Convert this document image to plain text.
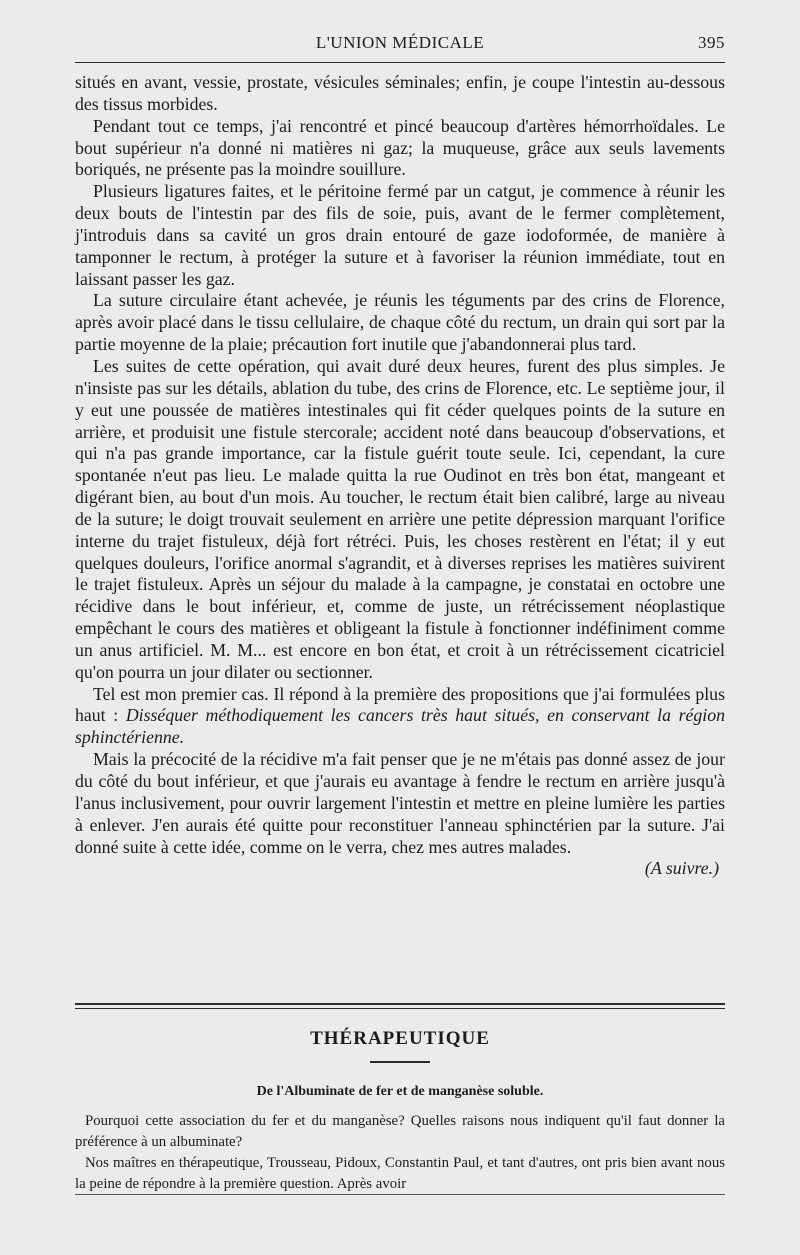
L'UNION MÉDICALE	395

situés en avant, vessie, prostate, vésicules séminales; enfin, je coupe l'intestin au-dessous des tissus morbides.

Pendant tout ce temps, j'ai rencontré et pincé beaucoup d'artères hémorrhoïdales. Le bout supérieur n'a donné ni matières ni gaz; la muqueuse, grâce aux seuls lavements boriqués, ne présente pas la moindre souillure.

Plusieurs ligatures faites, et le péritoine fermé par un catgut, je commence à réunir les deux bouts de l'intestin par des fils de soie, puis, avant de le fermer complètement, j'introduis dans sa cavité un gros drain entouré de gaze iodoformée, de manière à tamponner le rectum, à protéger la suture et à favoriser la réunion immédiate, tout en laissant passer les gaz.

La suture circulaire étant achevée, je réunis les téguments par des crins de Florence, après avoir placé dans le tissu cellulaire, de chaque côté du rectum, un drain qui sort par la partie moyenne de la plaie; précaution fort inutile que j'abandonnerai plus tard.

Les suites de cette opération, qui avait duré deux heures, furent des plus simples. Je n'insiste pas sur les détails, ablation du tube, des crins de Florence, etc. Le septième jour, il y eut une poussée de matières intestinales qui fit céder quelques points de la suture en arrière, et produisit une fistule stercorale; accident noté dans beaucoup d'observations, et qui n'a pas grande importance, car la fistule guérit toute seule. Ici, cependant, la cure spontanée n'eut pas lieu. Le malade quitta la rue Oudinot en très bon état, mangeant et digérant bien, au bout d'un mois. Au toucher, le rectum était bien calibré, large au niveau de la suture; le doigt trouvait seulement en arrière une petite dépression marquant l'orifice interne du trajet fistuleux, déjà fort rétréci. Puis, les choses restèrent en l'état; il y eut quelques douleurs, l'orifice anormal s'agrandit, et à diverses reprises les matières suivirent le trajet fistuleux. Après un séjour du malade à la campagne, je constatai en octobre une récidive dans le bout inférieur, et, comme de juste, un rétrécissement néoplastique empêchant le cours des matières et obligeant la fistule à fonctionner indéfiniment comme un anus artificiel. M. M... est encore en bon état, et croit à un rétrécissement cicatriciel qu'on pourra un jour dilater ou sectionner.

Tel est mon premier cas. Il répond à la première des propositions que j'ai formulées plus haut : Disséquer méthodiquement les cancers très haut situés, en conservant la région sphinctérienne.

Mais la précocité de la récidive m'a fait penser que je ne m'étais pas donné assez de jour du côté du bout inférieur, et que j'aurais eu avantage à fendre le rectum en arrière jusqu'à l'anus inclusivement, pour ouvrir largement l'intestin et mettre en pleine lumière les parties à enlever. J'en aurais été quitte pour reconstituer l'anneau sphinctérien par la suture. J'ai donné suite à cette idée, comme on le verra, chez mes autres malades.

(A suivre.)

THÉRAPEUTIQUE
De l'Albuminate de fer et de manganèse soluble.

Pourquoi cette association du fer et du manganèse? Quelles raisons nous indiquent qu'il faut donner la préférence à un albuminate?

Nos maîtres en thérapeutique, Trousseau, Pidoux, Constantin Paul, et tant d'autres, ont pris bien avant nous la peine de répondre à la première question. Après avoir
